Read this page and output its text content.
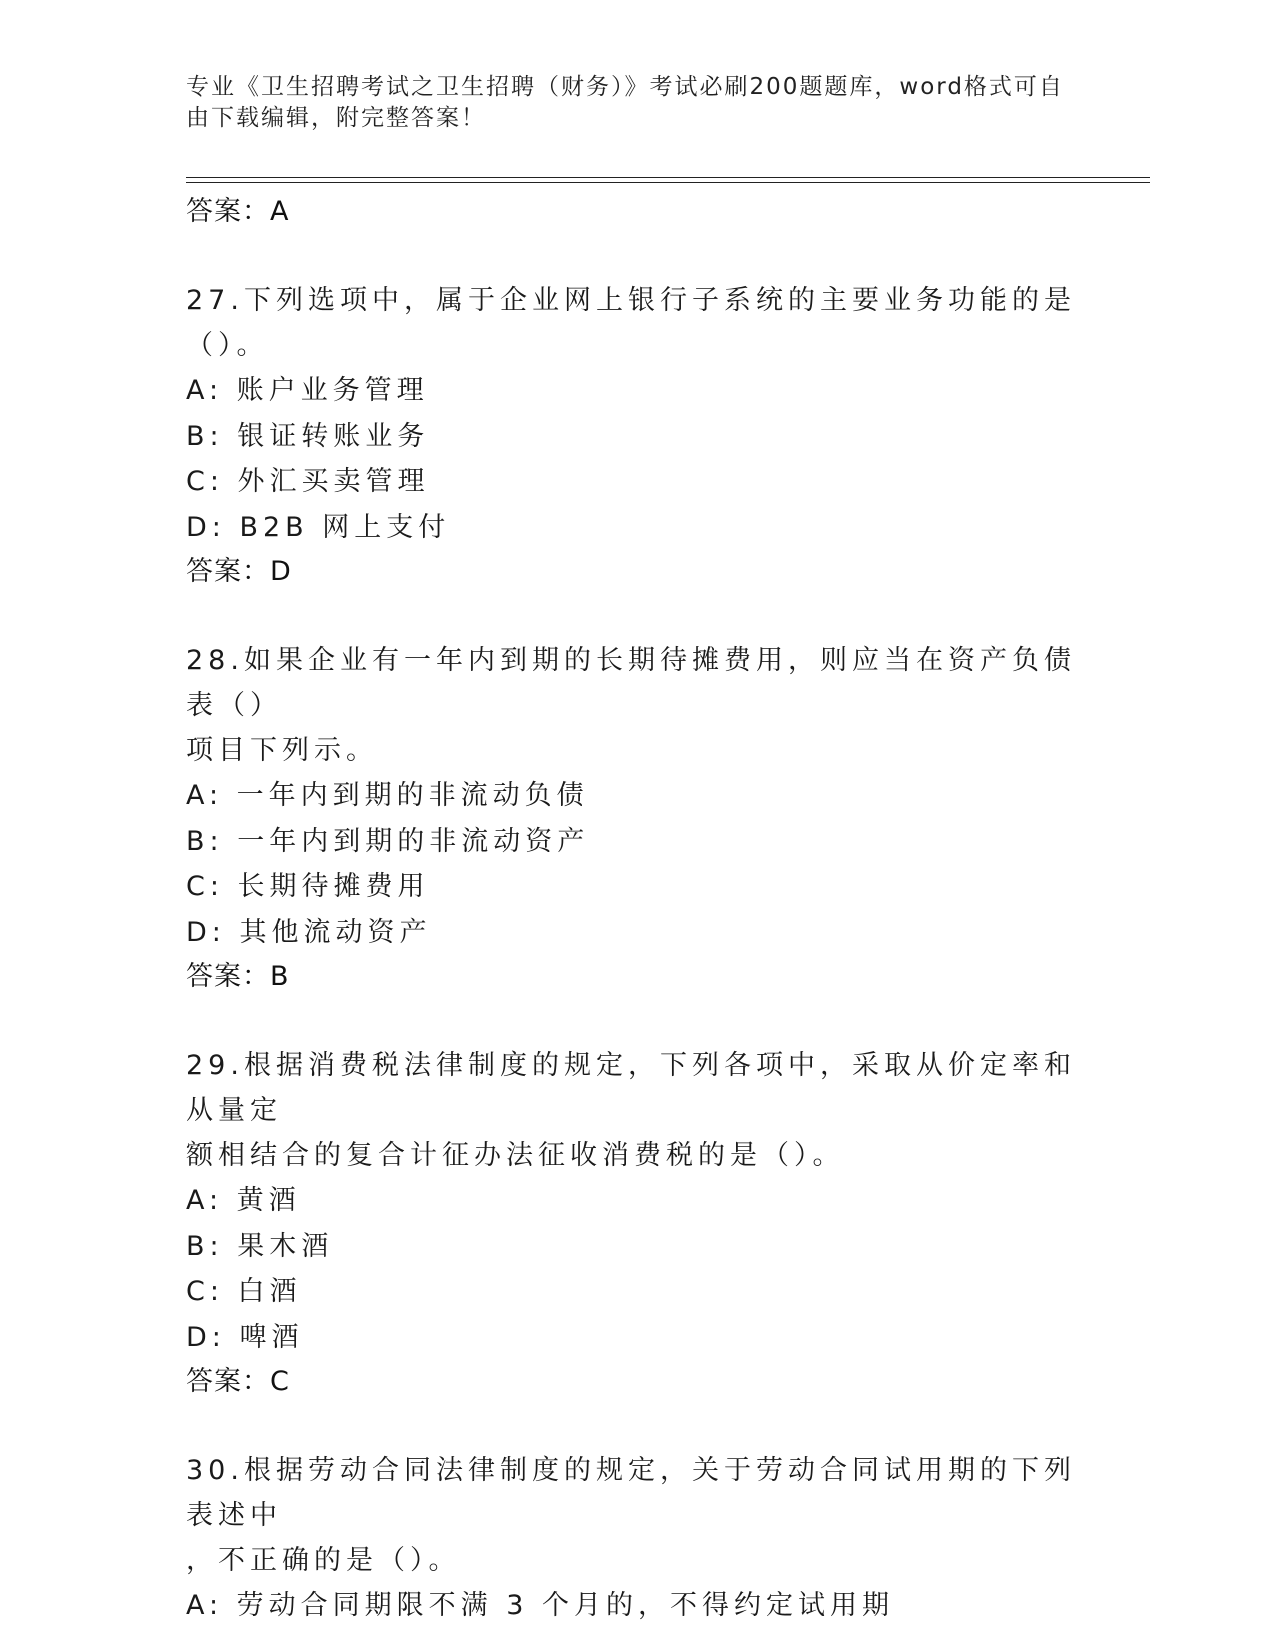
专业《卫生招聘考试之卫生招聘（财务）》考试必刷200题题库，word格式可自
由下载编辑，附完整答案！
答案：A
27.下列选项中，属于企业网上银行子系统的主要业务功能的是（）。
A: 账户业务管理
B: 银证转账业务
C: 外汇买卖管理
D: B2B 网上支付
答案：D
28.如果企业有一年内到期的长期待摊费用，则应当在资产负债表（）
项目下列示。
A: 一年内到期的非流动负债
B: 一年内到期的非流动资产
C: 长期待摊费用
D: 其他流动资产
答案：B
29.根据消费税法律制度的规定，下列各项中，采取从价定率和从量定
额相结合的复合计征办法征收消费税的是（）。
A: 黄酒
B: 果木酒
C: 白酒
D: 啤酒
答案：C
30.根据劳动合同法律制度的规定，关于劳动合同试用期的下列表述中
，不正确的是（）。
A: 劳动合同期限不满 3 个月的，不得约定试用期
